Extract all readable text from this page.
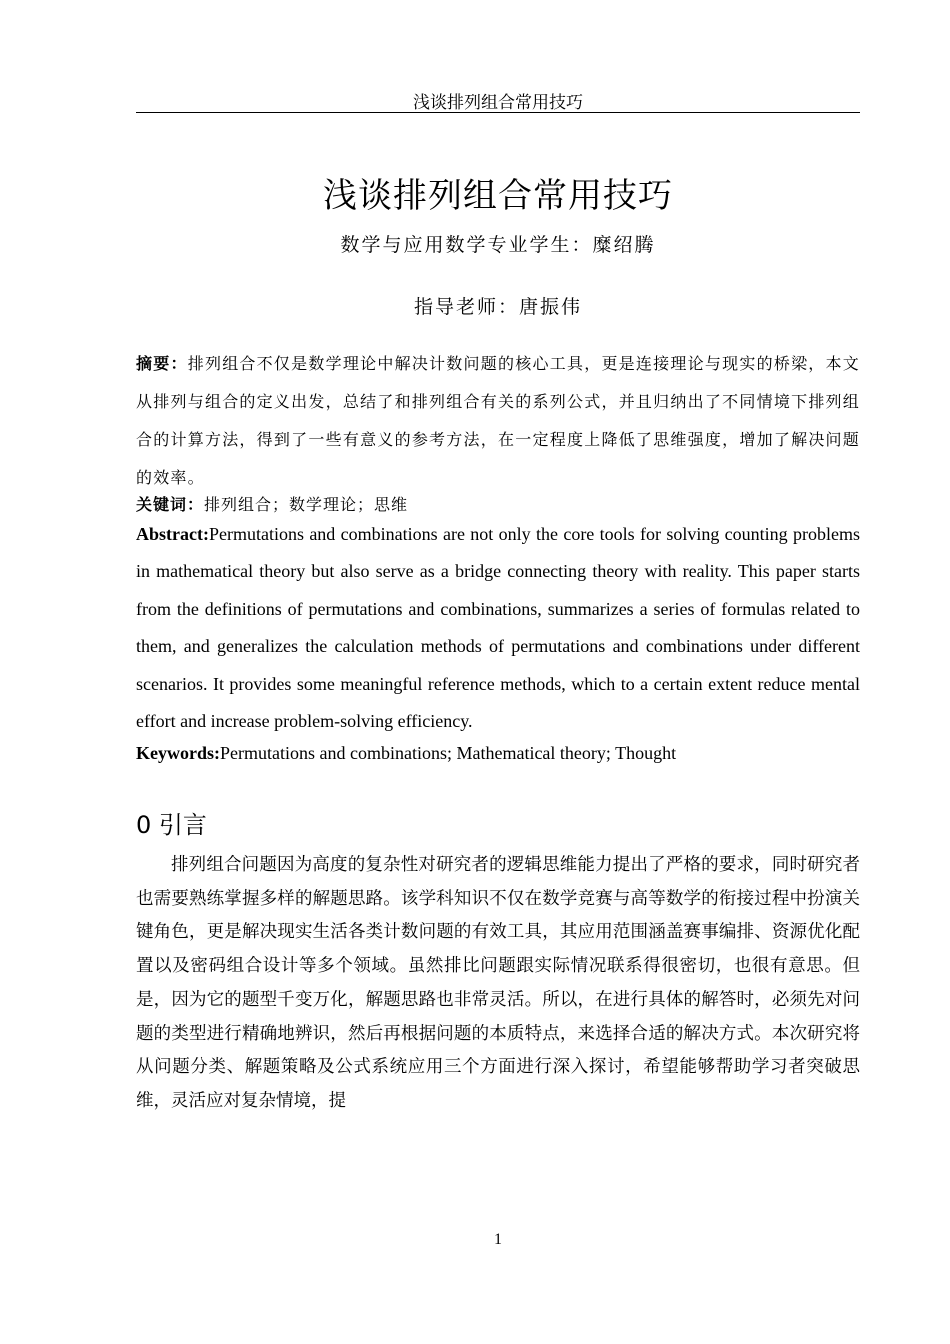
浅谈排列组合常用技巧
浅谈排列组合常用技巧
数学与应用数学专业学生：糜绍腾
指导老师：唐振伟
摘要：排列组合不仅是数学理论中解决计数问题的核心工具，更是连接理论与现实的桥梁，本文从排列与组合的定义出发，总结了和排列组合有关的系列公式，并且归纳出了不同情境下排列组合的计算方法，得到了一些有意义的参考方法，在一定程度上降低了思维强度，增加了解决问题的效率。
关键词：排列组合；数学理论；思维
Abstract:Permutations and combinations are not only the core tools for solving counting problems in mathematical theory but also serve as a bridge connecting theory with reality. This paper starts from the definitions of permutations and combinations, summarizes a series of formulas related to them, and generalizes the calculation methods of permutations and combinations under different scenarios. It provides some meaningful reference methods, which to a certain extent reduce mental effort and increase problem-solving efficiency.
Keywords:Permutations and combinations; Mathematical theory; Thought
0 引言
排列组合问题因为高度的复杂性对研究者的逻辑思维能力提出了严格的要求，同时研究者也需要熟练掌握多样的解题思路。该学科知识不仅在数学竞赛与高等数学的衔接过程中扮演关键角色，更是解决现实生活各类计数问题的有效工具，其应用范围涵盖赛事编排、资源优化配置以及密码组合设计等多个领域。虽然排比问题跟实际情况联系得很密切，也很有意思。但是，因为它的题型千变万化，解题思路也非常灵活。所以，在进行具体的解答时，必须先对问题的类型进行精确地辨识，然后再根据问题的本质特点，来选择合适的解决方式。本次研究将从问题分类、解题策略及公式系统应用三个方面进行深入探讨，希望能够帮助学习者突破思维，灵活应对复杂情境，提
1
